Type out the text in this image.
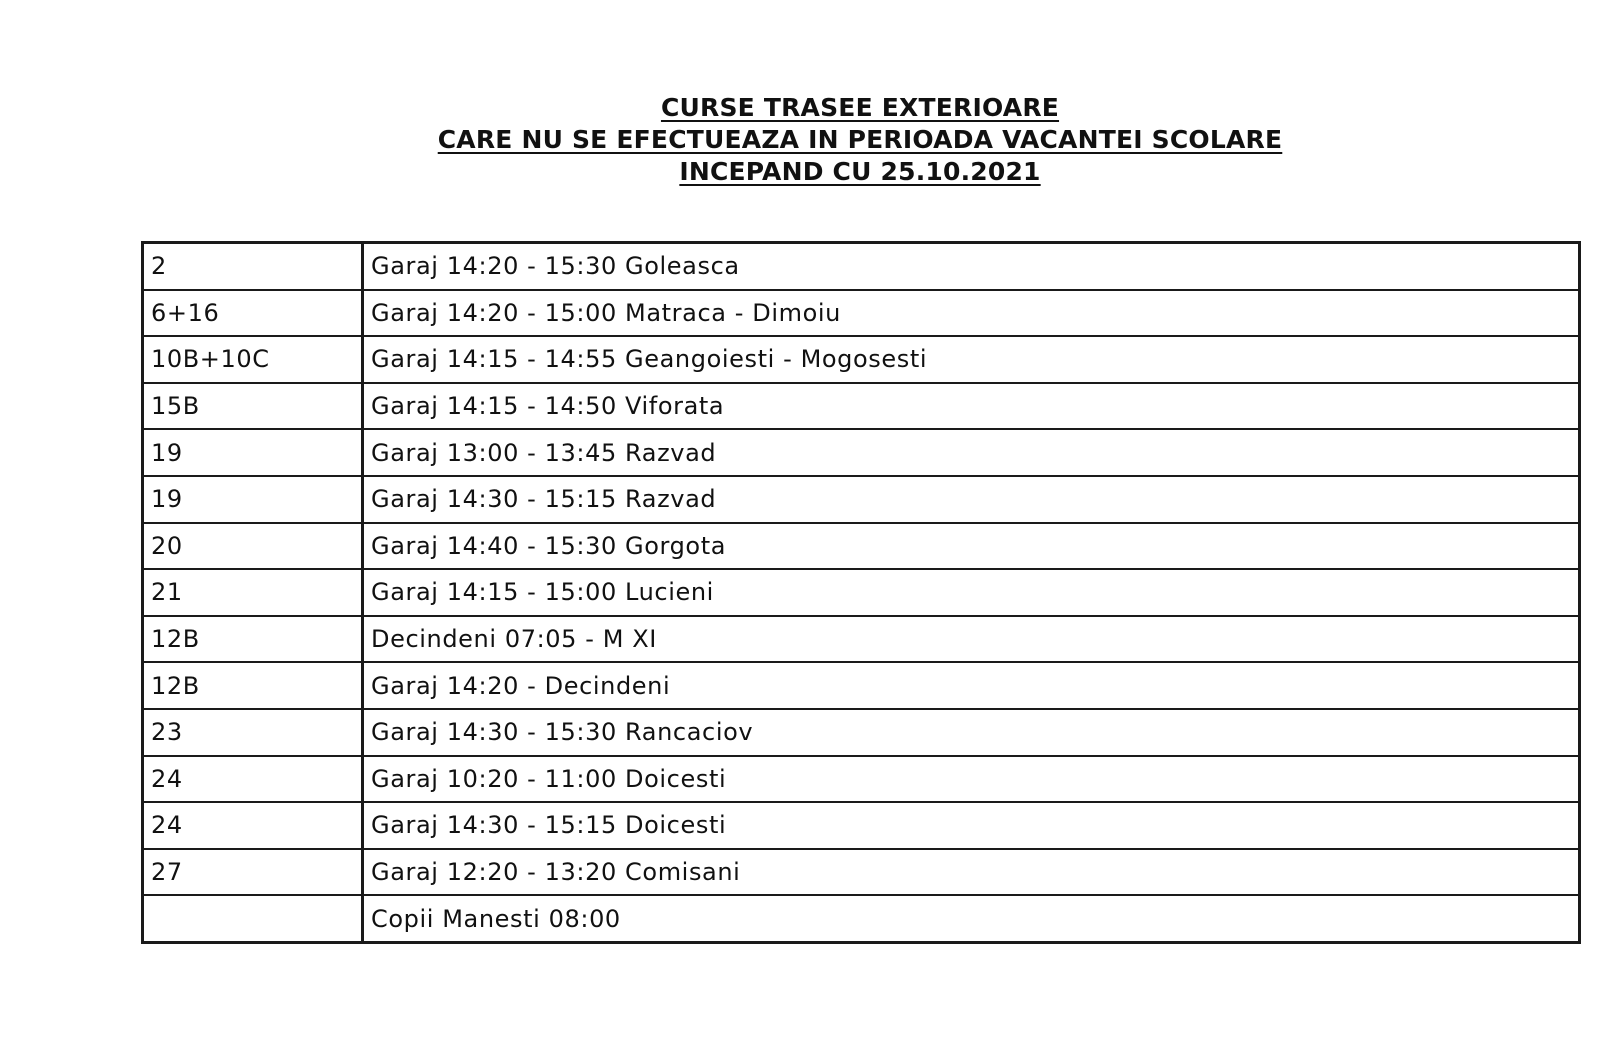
CURSE TRASEE EXTERIOARE
CARE NU SE EFECTUEAZA IN PERIOADA VACANTEI SCOLARE
INCEPAND CU 25.10.2021
2	Garaj 14:20 - 15:30 Goleasca
6+16	Garaj 14:20 - 15:00 Matraca - Dimoiu
10B+10C	Garaj 14:15 - 14:55 Geangoiesti - Mogosesti
15B	Garaj 14:15 - 14:50 Viforata
19	Garaj 13:00 - 13:45 Razvad
19	Garaj 14:30 - 15:15 Razvad
20	Garaj 14:40 - 15:30 Gorgota
21	Garaj 14:15 - 15:00 Lucieni
12B	Decindeni 07:05 - M XI
12B	Garaj 14:20 - Decindeni
23	Garaj 14:30 - 15:30 Rancaciov
24	Garaj 10:20 - 11:00 Doicesti
24	Garaj 14:30 - 15:15 Doicesti
27	Garaj 12:20 - 13:20 Comisani
	Copii Manesti 08:00
